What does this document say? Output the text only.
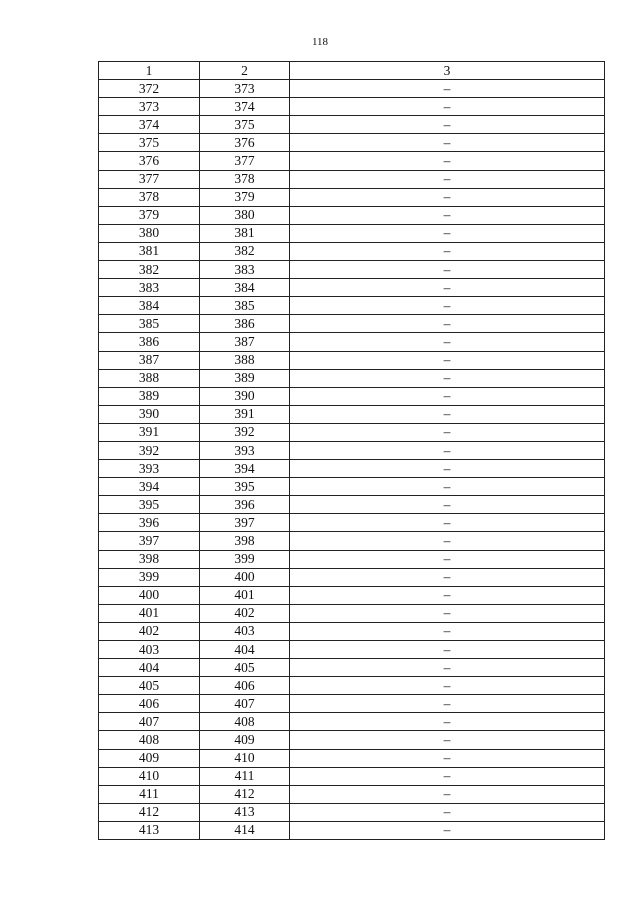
118
1	2	3
372	373	–
373	374	–
374	375	–
375	376	–
376	377	–
377	378	–
378	379	–
379	380	–
380	381	–
381	382	–
382	383	–
383	384	–
384	385	–
385	386	–
386	387	–
387	388	–
388	389	–
389	390	–
390	391	–
391	392	–
392	393	–
393	394	–
394	395	–
395	396	–
396	397	–
397	398	–
398	399	–
399	400	–
400	401	–
401	402	–
402	403	–
403	404	–
404	405	–
405	406	–
406	407	–
407	408	–
408	409	–
409	410	–
410	411	–
411	412	–
412	413	–
413	414	–
